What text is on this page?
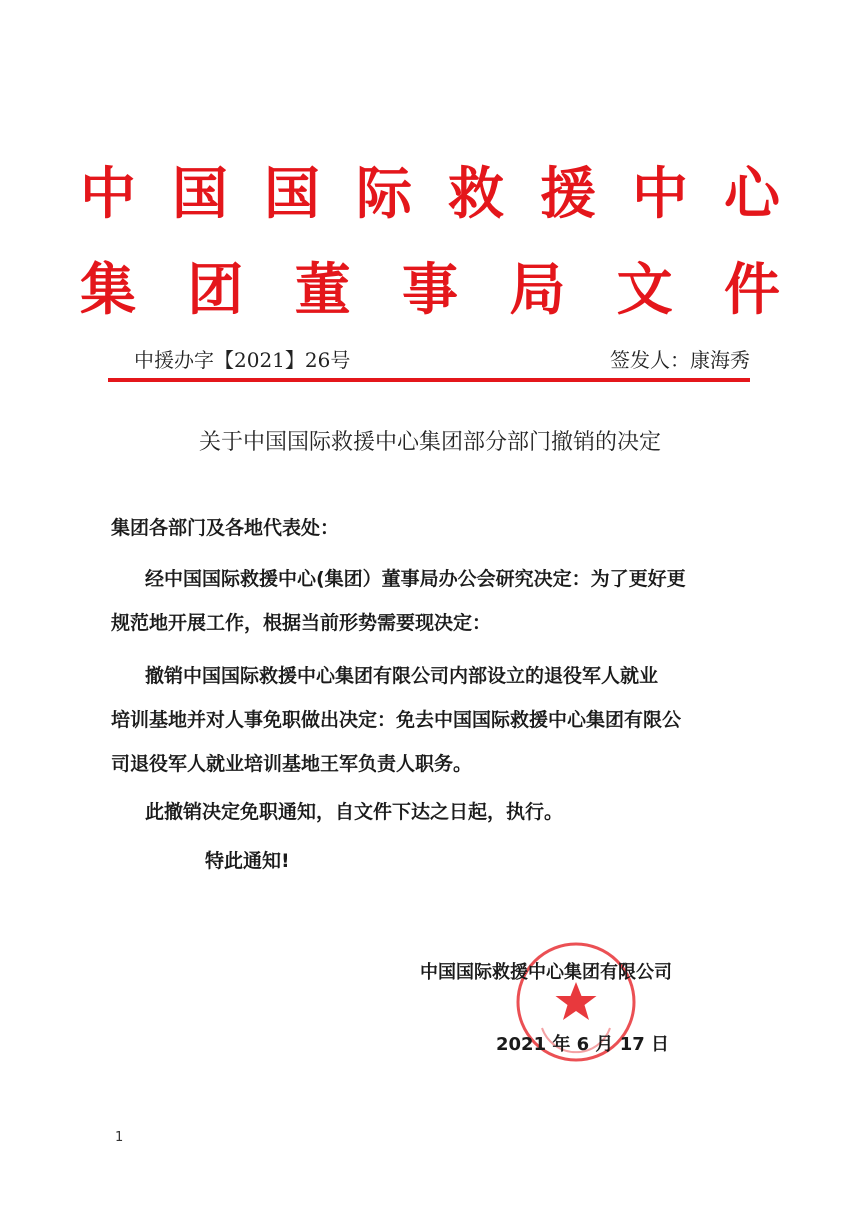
中 国 国 际 救 援 中 心
集 团 董 事 局 文 件
中援办字【2021】26号	签发人：康海秀
关于中国国际救援中心集团部分部门撤销的决定
集团各部门及各地代表处：
经中国国际救援中心(集团）董事局办公会研究决定：为了更好更
规范地开展工作，根据当前形势需要现决定：
撤销中国国际救援中心集团有限公司内部设立的退役军人就业
培训基地并对人事免职做出决定：免去中国国际救援中心集团有限公
司退役军人就业培训基地王军负责人职务。
此撤销决定免职通知，自文件下达之日起，执行。
特此通知!
中国国际救援中心集团有限公司
2021 年 6 月 17 日
1
